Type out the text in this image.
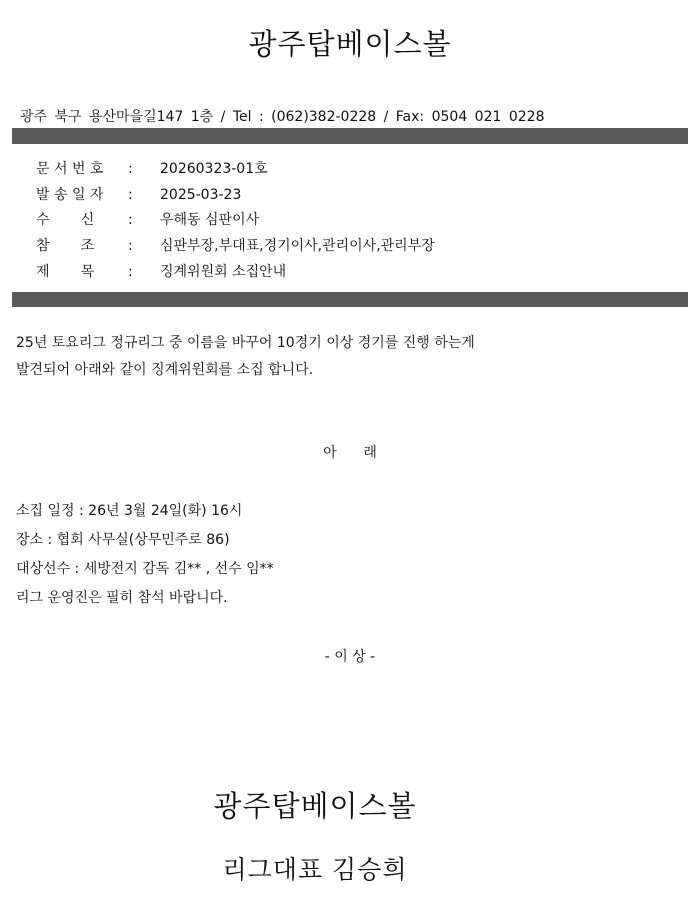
광주탑베이스볼
광주 북구 용산마을길147 1층 / Tel : (062)382-0228 / Fax: 0504 021 0228
문 서 번 호 : 20260323-01호
발 송 일 자 : 2025-03-23
수       신 : 우해동 심판이사
참       조 : 심판부장,부대표,경기이사,관리이사,관리부장
제       목 : 징계위원회 소집안내
25년 토요리그 정규리그 중 이름을 바꾸어 10경기 이상 경기를 진행 하는게
발견되어 아래와 같이 징계위원회를 소집 합니다.
아      래
소집 일정 : 26년 3월 24일(화) 16시
장소 : 협회 사무실(상무민주로 86)
대상선수 : 세방전지 감독 김** , 선수 임**
리그 운영진은 필히 참석 바랍니다.
- 이 상 -
광주탑베이스볼
리그대표 김승희
